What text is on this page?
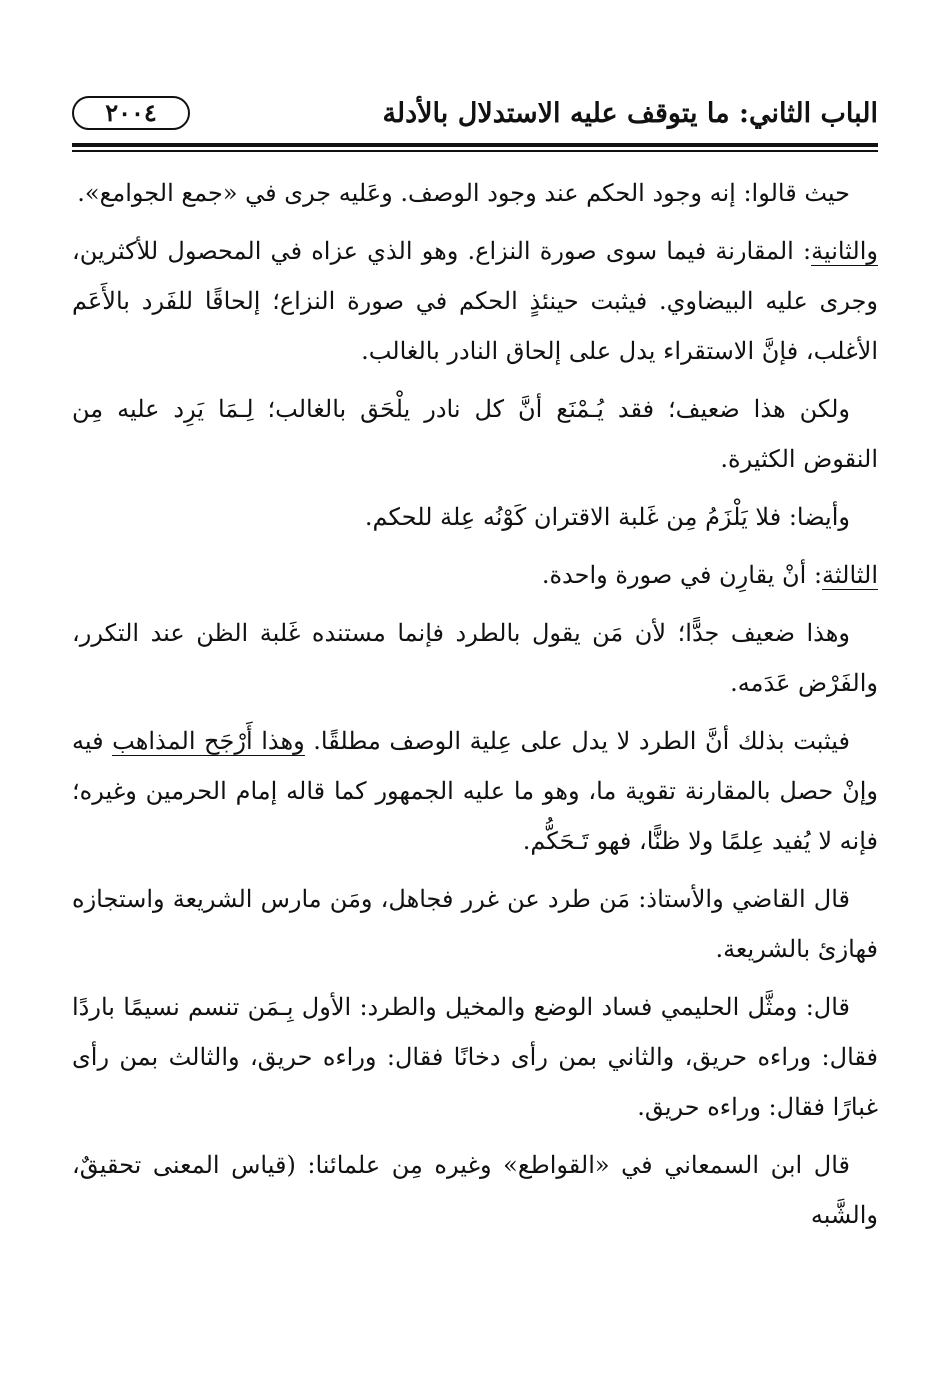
الباب الثاني: ما يتوقف عليه الاستدلال بالأدلة
٢٠٠٤

حيث قالوا: إنه وجود الحكم عند وجود الوصف. وعَليه جرى في «جمع الجوامع».

والثانية: المقارنة فيما سوى صورة النزاع. وهو الذي عزاه في المحصول للأكثرين، وجرى عليه البيضاوي. فيثبت حينئذٍ الحكم في صورة النزاع؛ إلحاقًا للفَرد بالأَعَم الأغلب، فإنَّ الاستقراء يدل على إلحاق النادر بالغالب.

ولكن هذا ضعيف؛ فقد يُـمْنَع أنَّ كل نادر يلْحَق بالغالب؛ لِـمَا يَرِد عليه مِن النقوض الكثيرة.

وأيضا: فلا يَلْزَمُ مِن غَلبة الاقتران كَوْنُه عِلة للحكم.

الثالثة: أنْ يقارِن في صورة واحدة.

وهذا ضعيف جدًّا؛ لأن مَن يقول بالطرد فإنما مستنده غَلبة الظن عند التكرر، والفَرْض عَدَمه.

فيثبت بذلك أنَّ الطرد لا يدل على عِلية الوصف مطلقًا. وهذا أَرْجَح المذاهب فيه وإنْ حصل بالمقارنة تقوية ما، وهو ما عليه الجمهور كما قاله إمام الحرمين وغيره؛ فإنه لا يُفيد عِلمًا ولا ظنًّا، فهو تَـحَكُّم.

قال القاضي والأستاذ: مَن طرد عن غرر فجاهل، ومَن مارس الشريعة واستجازه فهازئ بالشريعة.

قال: ومثَّل الحليمي فساد الوضع والمخيل والطرد: الأول بِـمَن تنسم نسيمًا باردًا فقال: وراءه حريق، والثاني بمن رأى دخانًا فقال: وراءه حريق، والثالث بمن رأى غبارًا فقال: وراءه حريق.

قال ابن السمعاني في «القواطع» وغيره مِن علمائنا: (قياس المعنى تحقيقٌ، والشَّبه
